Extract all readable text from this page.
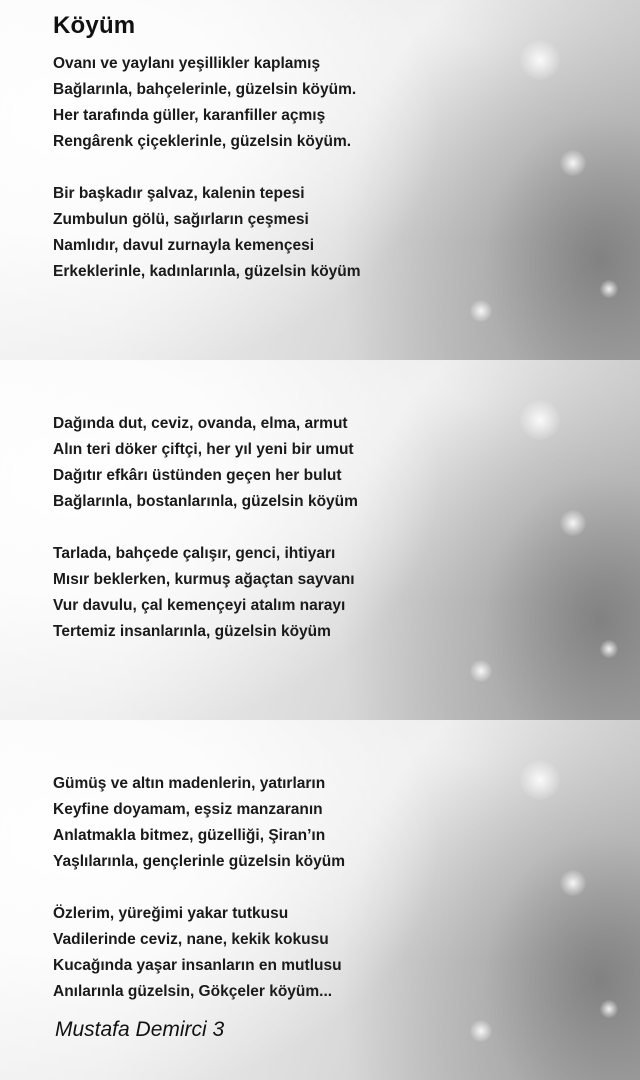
Köyüm
Ovanı ve yaylanı yeşillikler kaplamış
Bağlarınla, bahçelerinle, güzelsin köyüm.
Her tarafında güller, karanfiller açmış
Rengârenk çiçeklerinle, güzelsin köyüm.
Bir başkadır şalvaz, kalenin tepesi
Zumbulun gölü, sağırların çeşmesi
Namlıdır, davul zurnayla kemençesi
Erkeklerinle, kadınlarınla, güzelsin köyüm
Dağında dut, ceviz, ovanda, elma, armut
Alın teri döker çiftçi, her yıl yeni bir umut
Dağıtır efkârı üstünden geçen her bulut
Bağlarınla, bostanlarınla, güzelsin köyüm
Tarlada, bahçede çalışır, genci, ihtiyarı
Mısır beklerken, kurmuş ağaçtan sayvanı
Vur davulu, çal kemençeyi atalım narayı
Tertemiz insanlarınla, güzelsin köyüm
Gümüş ve altın madenlerin, yatırların
Keyfine doyamam, eşsiz manzaranın
Anlatmakla bitmez, güzelliği, Şiran’ın
Yaşlılarınla, gençlerinle güzelsin köyüm
Özlerim, yüreğimi yakar tutkusu
Vadilerinde ceviz, nane, kekik kokusu
Kucağında yaşar insanların en mutlusu
Anılarınla güzelsin, Gökçeler köyüm...
Mustafa Demirci 3
